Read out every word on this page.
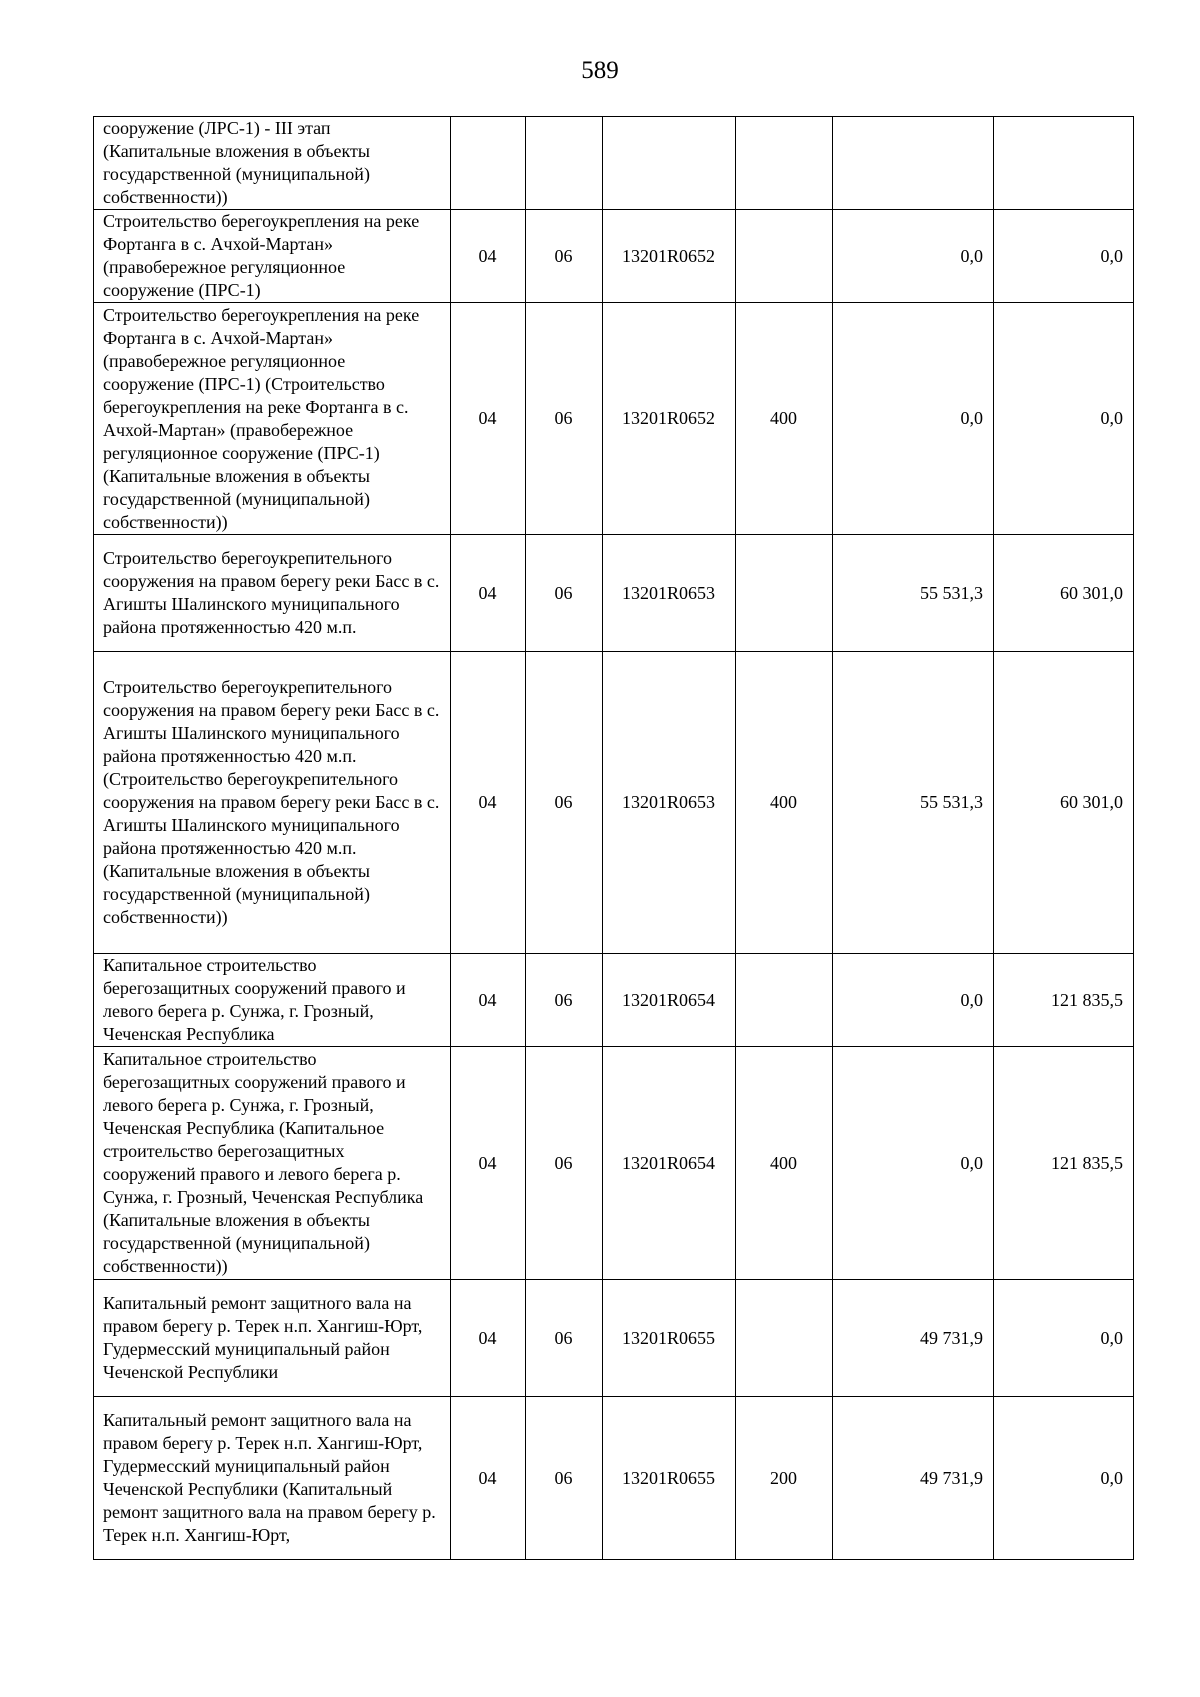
589
сооружение (ЛРС-1) - III этап (Капитальные вложения в объекты государственной (муниципальной) собственности))						

Строительство берегоукрепления на реке Фортанга в с. Ачхой-Мартан» (правобережное регуляционное сооружение (ПРС-1)	04	06	13201R0652		0,0	0,0

Строительство берегоукрепления на реке Фортанга в с. Ачхой-Мартан» (правобережное регуляционное сооружение (ПРС-1) (Строительство берегоукрепления на реке Фортанга в с. Ачхой-Мартан» (правобережное регуляционное сооружение (ПРС-1) (Капитальные вложения в объекты государственной (муниципальной) собственности))	04	06	13201R0652	400	0,0	0,0

Строительство берегоукрепительного сооружения на правом берегу реки Басс в с. Агишты Шалинского муниципального района протяженностью 420 м.п.	04	06	13201R0653		55 531,3	60 301,0

Строительство берегоукрепительного сооружения на правом берегу реки Басс в с. Агишты Шалинского муниципального района протяженностью 420 м.п. (Строительство берегоукрепительного сооружения на правом берегу реки Басс в с. Агишты Шалинского муниципального района протяженностью 420 м.п. (Капитальные вложения в объекты государственной (муниципальной) собственности))	04	06	13201R0653	400	55 531,3	60 301,0

Капитальное строительство берегозащитных сооружений правого и левого берега р. Сунжа, г. Грозный, Чеченская Республика	04	06	13201R0654		0,0	121 835,5

Капитальное строительство берегозащитных сооружений правого и левого берега р. Сунжа, г. Грозный, Чеченская Республика (Капитальное строительство берегозащитных сооружений правого и левого берега р. Сунжа, г. Грозный, Чеченская Республика (Капитальные вложения в объекты государственной (муниципальной) собственности))	04	06	13201R0654	400	0,0	121 835,5

Капитальный ремонт защитного вала на правом берегу р. Терек н.п. Хангиш-Юрт, Гудермесский муниципальный район Чеченской Республики	04	06	13201R0655		49 731,9	0,0

Капитальный ремонт защитного вала на правом берегу р. Терек н.п. Хангиш-Юрт, Гудермесский муниципальный район Чеченской Республики (Капитальный ремонт защитного вала на правом берегу р. Терек н.п. Хангиш-Юрт,	04	06	13201R0655	200	49 731,9	0,0
